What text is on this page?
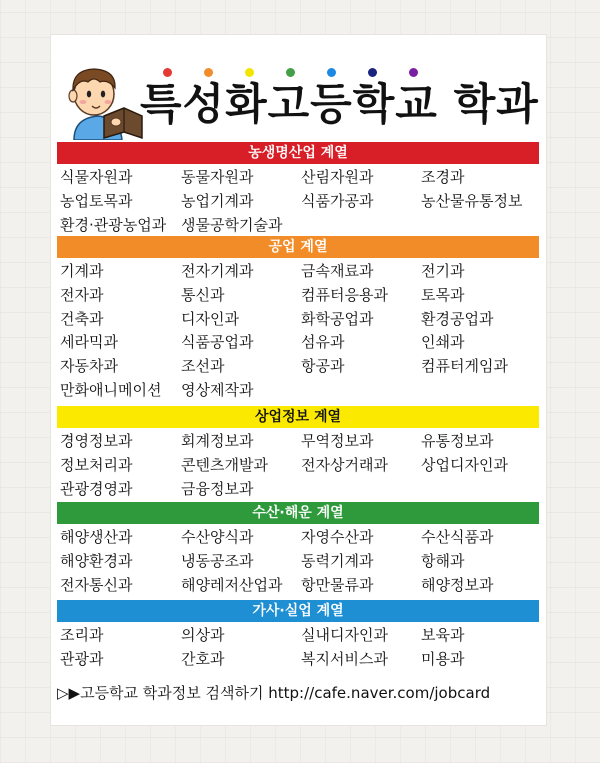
특성화고등학교 학과
농생명산업 계열
식물자원과	동물자원과	산림자원과	조경과
농업토목과	농업기계과	식품가공과	농산물유통정보
환경·관광농업과 생물공학기술과
공업 계열
기계과	전자기계과	금속재료과	전기과
전자과	통신과	컴퓨터응용과 토목과
건축과	디자인과	화학공업과	환경공업과
세라믹과	식품공업과	섬유과	인쇄과
자동차과	조선과	항공과	컴퓨터게임과
만화애니메이션 영상제작과
상업정보 계열
경영정보과	회계정보과	무역정보과	유통정보과
정보처리과	콘텐츠개발과 전자상거래과 상업디자인과
관광경영과	금융정보과
수산·해운 계열
해양생산과	수산양식과	자영수산과	수산식품과
해양환경과	냉동공조과	동력기계과	항해과
전자통신과	해양레저산업과 항만물류과	해양정보과
가사·실업 계열
조리과	의상과	실내디자인과 보육과
관광과	간호과	복지서비스과 미용과
▷▶고등학교 학과정보 검색하기 http://cafe.naver.com/jobcard
